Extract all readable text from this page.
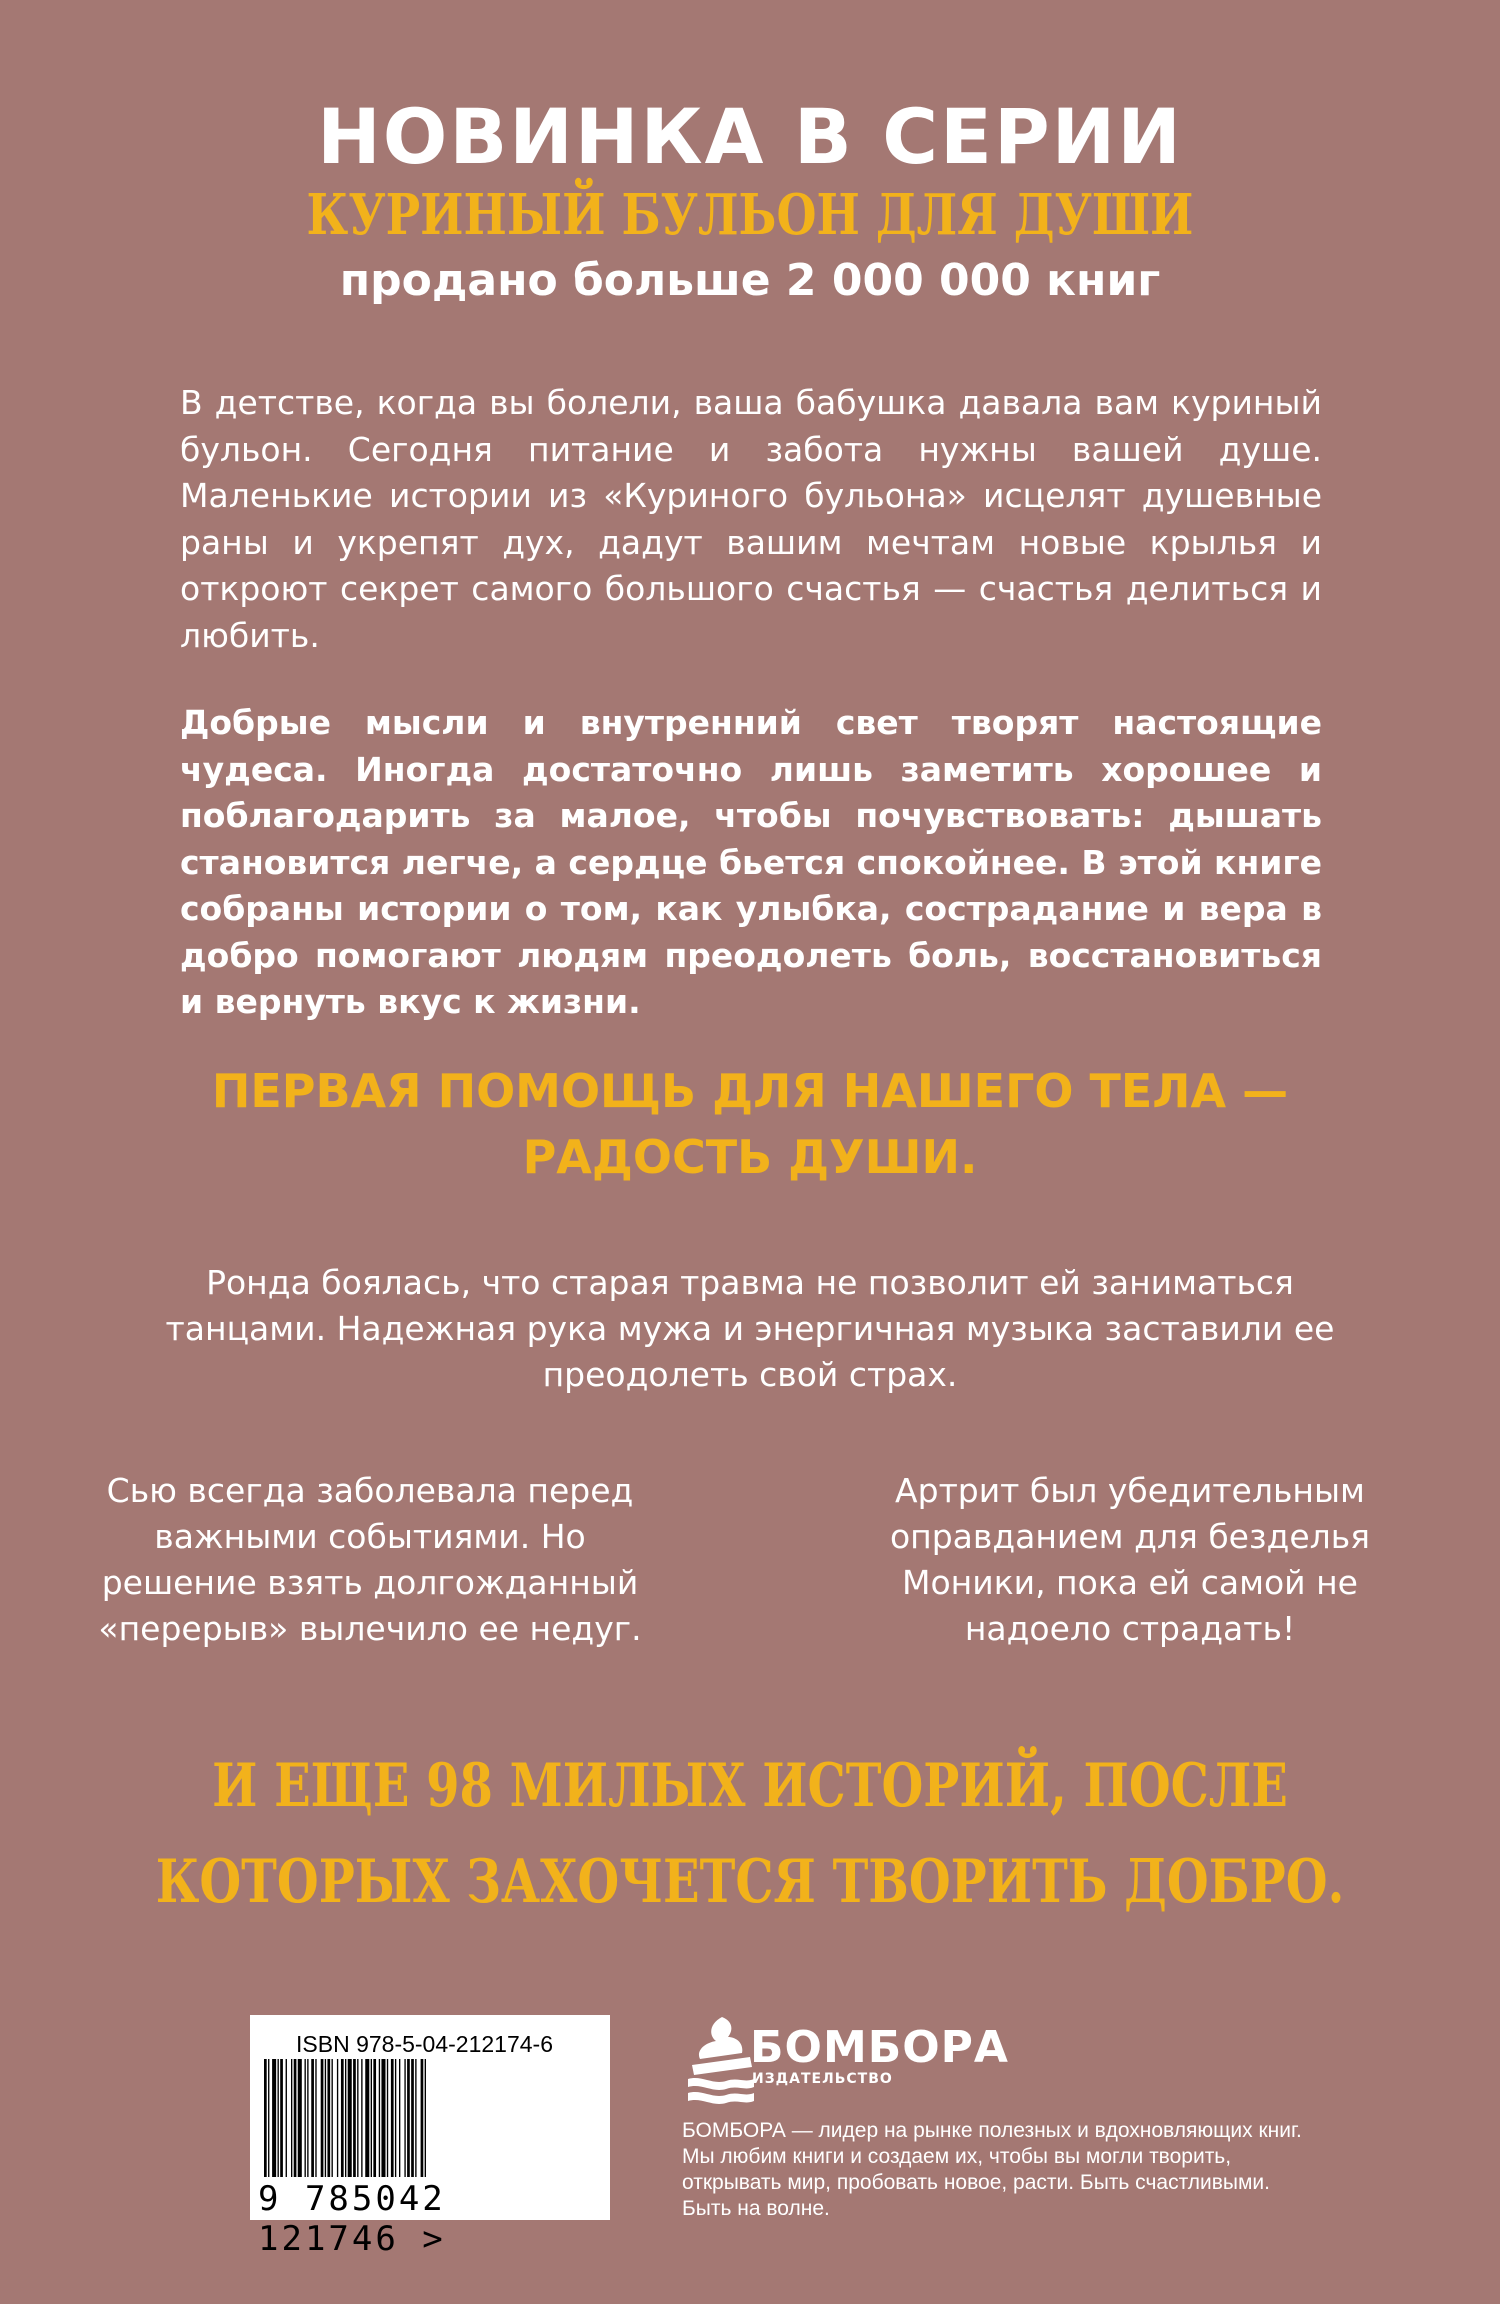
НОВИНКА В СЕРИИ
КУРИНЫЙ БУЛЬОН ДЛЯ ДУШИ
продано больше 2 000 000 книг
В детстве, когда вы болели, ваша бабушка давала вам куриный бульон. Сегодня питание и забота нужны вашей душе. Маленькие истории из «Куриного бульона» исцелят душевные раны и укрепят дух, дадут вашим мечтам новые крылья и откроют секрет самого большого счастья — счастья делиться и любить.
Добрые мысли и внутренний свет творят настоящие чудеса. Иногда достаточно лишь заметить хорошее и поблагодарить за малое, чтобы почувствовать: дышать становится легче, а сердце бьется спокойнее. В этой книге собраны истории о том, как улыбка, сострадание и вера в добро помогают людям преодолеть боль, восстановиться и вернуть вкус к жизни.
ПЕРВАЯ ПОМОЩЬ ДЛЯ НАШЕГО ТЕЛА —
РАДОСТЬ ДУШИ.
Ронда боялась, что старая травма не позволит ей заниматься танцами. Надежная рука мужа и энергичная музыка заставили ее преодолеть свой страх.
Сью всегда заболевала перед важными событиями. Но решение взять долгожданный «перерыв» вылечило ее недуг.
Артрит был убедительным оправданием для безделья Моники, пока ей самой не надоело страдать!
И ЕЩЕ 98 МИЛЫХ ИСТОРИЙ, ПОСЛЕ
КОТОРЫХ ЗАХОЧЕТСЯ ТВОРИТЬ ДОБРО.
ISBN 978-5-04-212174-6
9 785042 121746 >
БОМБОРА
ИЗДАТЕЛЬСТВО
БОМБОРА — лидер на рынке полезных и вдохновляющих книг. Мы любим книги и создаем их, чтобы вы могли творить, открывать мир, пробовать новое, расти. Быть счастливыми. Быть на волне.
